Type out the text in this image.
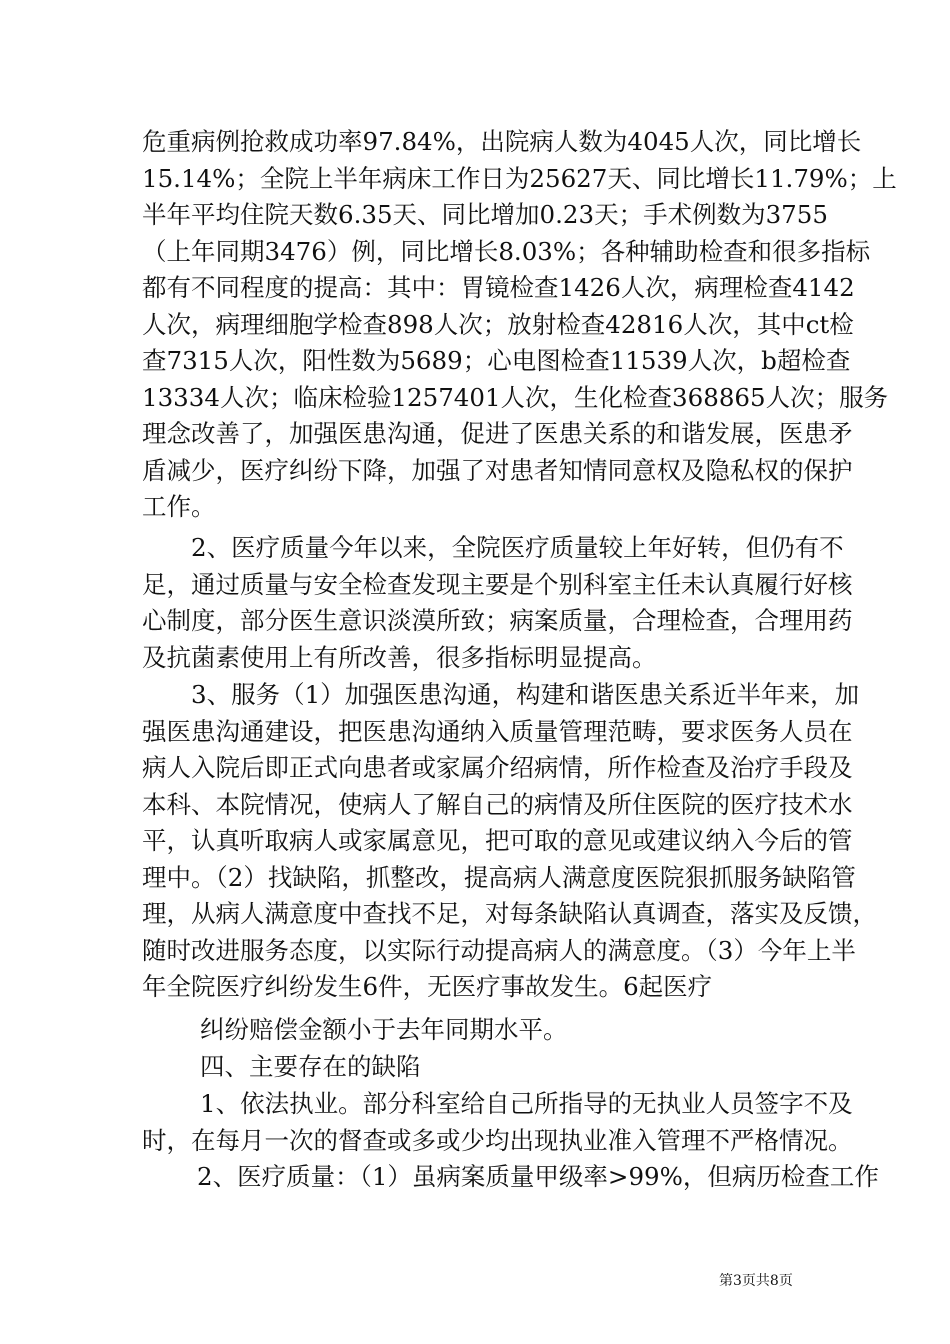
危重病例抢救成功率97.84%，出院病人数为4045人次，同比增长
15.14%；全院上半年病床工作日为25627天、同比增长11.79%；上
半年平均住院天数6.35天、同比增加0.23天；手术例数为3755
（上年同期3476）例，同比增长8.03%；各种辅助检查和很多指标
都有不同程度的提高：其中：胃镜检查1426人次，病理检查4142
人次，病理细胞学检查898人次；放射检查42816人次，其中ct检
查7315人次，阳性数为5689；心电图检查11539人次，b超检查
13334人次；临床检验1257401人次，生化检查368865人次；服务
理念改善了，加强医患沟通，促进了医患关系的和谐发展，医患矛
盾减少，医疗纠纷下降，加强了对患者知情同意权及隐私权的保护
工作。
2、医疗质量今年以来，全院医疗质量较上年好转，但仍有不
足，通过质量与安全检查发现主要是个别科室主任未认真履行好核
心制度，部分医生意识淡漠所致；病案质量，合理检查，合理用药
及抗菌素使用上有所改善，很多指标明显提高。
3、服务（1）加强医患沟通，构建和谐医患关系近半年来，加
强医患沟通建设，把医患沟通纳入质量管理范畴，要求医务人员在
病人入院后即正式向患者或家属介绍病情，所作检查及治疗手段及
本科、本院情况，使病人了解自己的病情及所住医院的医疗技术水
平，认真听取病人或家属意见，把可取的意见或建议纳入今后的管
理中。（2）找缺陷，抓整改，提高病人满意度医院狠抓服务缺陷管
理，从病人满意度中查找不足，对每条缺陷认真调查，落实及反馈，
随时改进服务态度，以实际行动提高病人的满意度。（3）今年上半
年全院医疗纠纷发生6件，无医疗事故发生。6起医疗
纠纷赔偿金额小于去年同期水平。
四、主要存在的缺陷
1、依法执业。部分科室给自己所指导的无执业人员签字不及
时，在每月一次的督查或多或少均出现执业准入管理不严格情况。
2、医疗质量：（1）虽病案质量甲级率>99%，但病历检查工作
第3页共8页
